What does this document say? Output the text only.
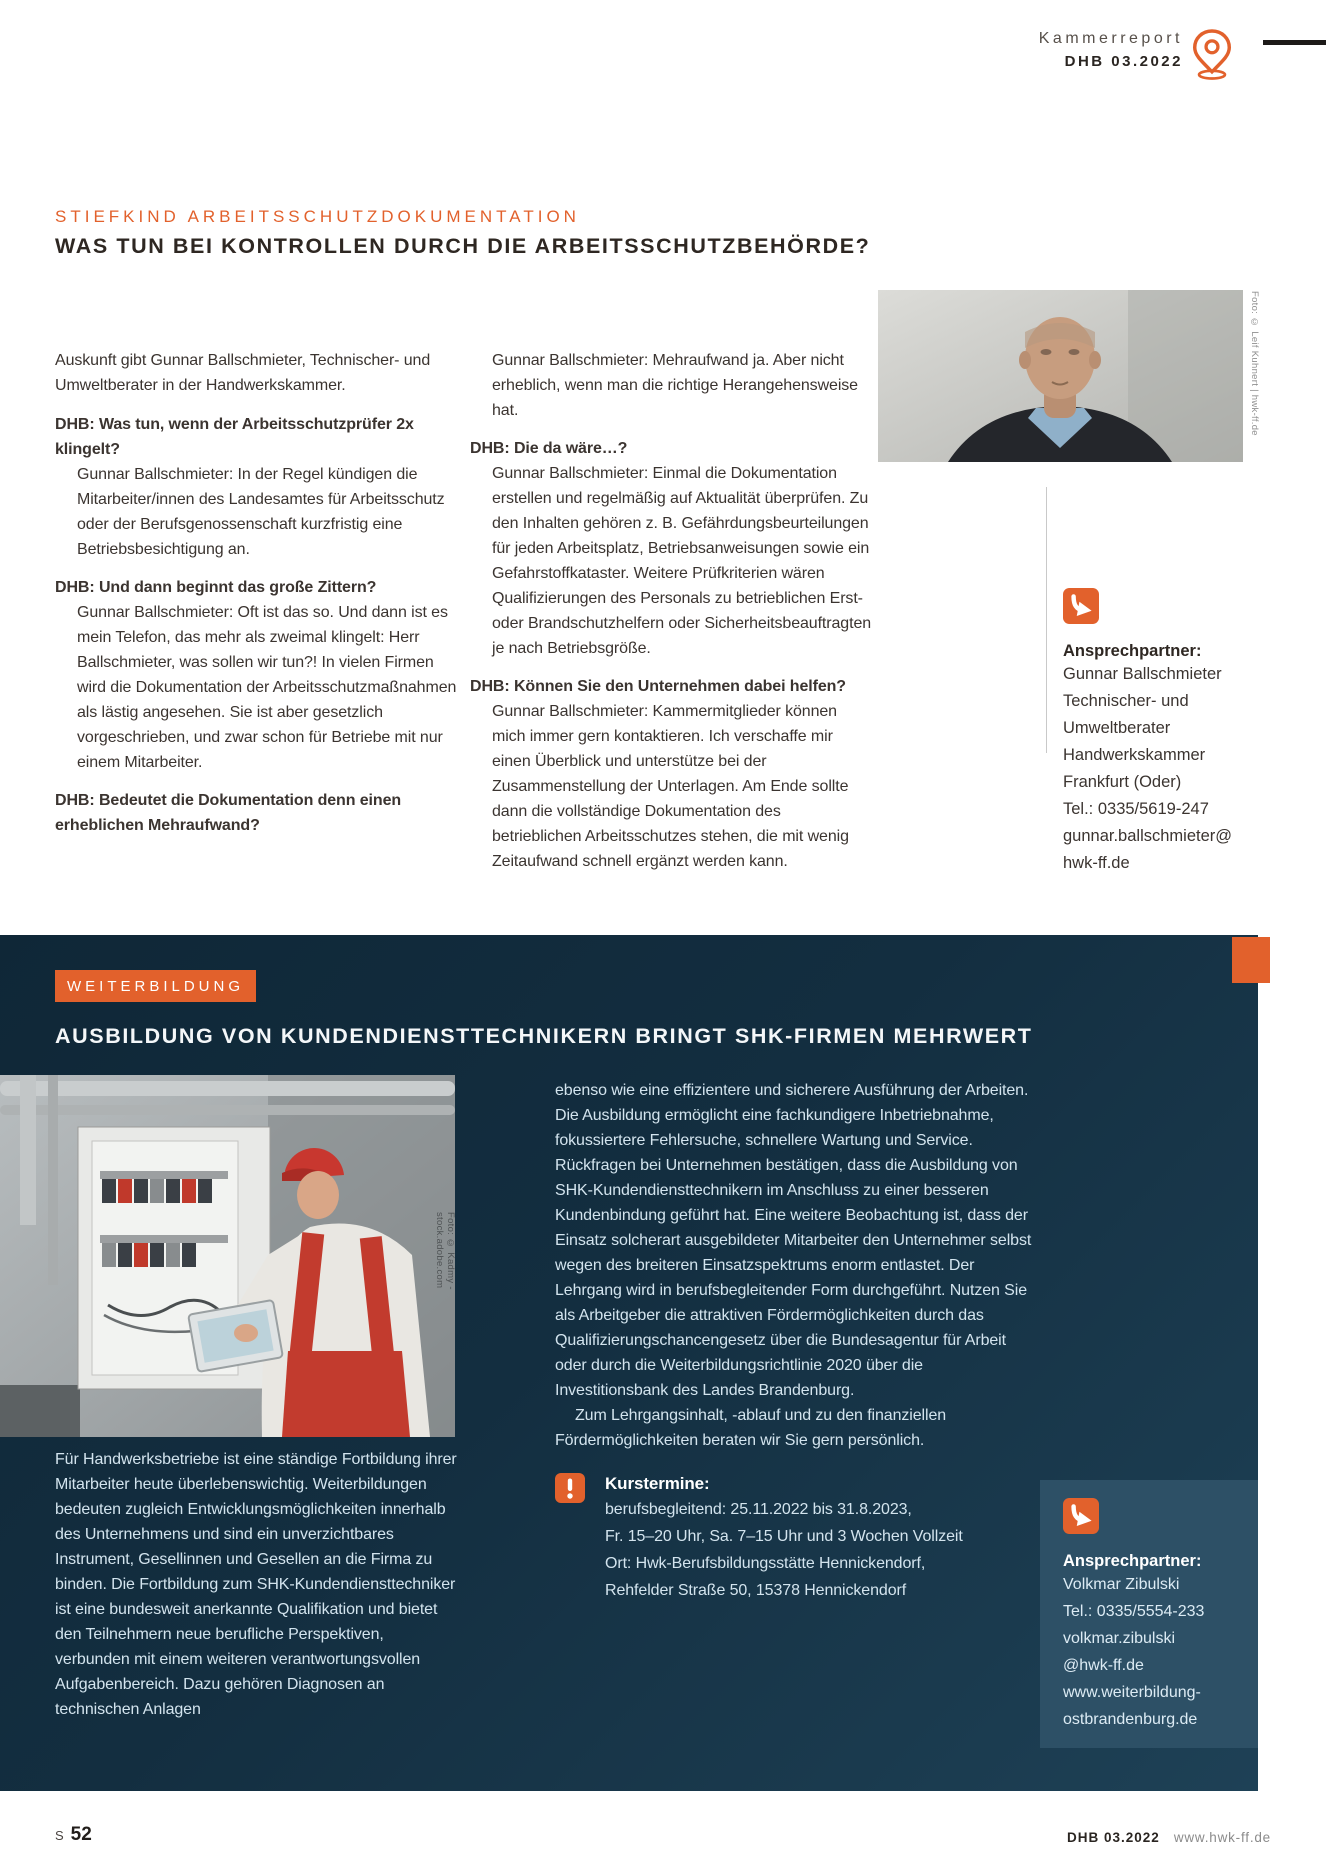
Kammerreport
DHB 03.2022
STIEFKIND ARBEITSSCHUTZDOKUMENTATION
WAS TUN BEI KONTROLLEN DURCH DIE ARBEITSSCHUTZBEHÖRDE?

Auskunft gibt Gunnar Ballschmieter, Technischer- und Umweltberater in der Handwerkskammer.

DHB: Was tun, wenn der Arbeitsschutzprüfer 2x klingelt?

Gunnar Ballschmieter: In der Regel kündigen die Mitarbeiter/innen des Landesamtes für Arbeitsschutz oder der Berufsgenossenschaft kurzfristig eine Betriebsbesichtigung an.

DHB: Und dann beginnt das große Zittern?

Gunnar Ballschmieter: Oft ist das so. Und dann ist es mein Telefon, das mehr als zweimal klingelt: Herr Ballschmieter, was sollen wir tun?! In vielen Firmen wird die Dokumentation der Arbeitsschutzmaßnahmen als lästig angesehen. Sie ist aber gesetzlich vorgeschrieben, und zwar schon für Betriebe mit nur einem Mitarbeiter.

DHB: Bedeutet die Dokumentation denn einen erheblichen Mehraufwand?

Gunnar Ballschmieter: Mehraufwand ja. Aber nicht erheblich, wenn man die richtige Herangehensweise hat.

DHB: Die da wäre…?

Gunnar Ballschmieter: Einmal die Dokumentation erstellen und regelmäßig auf Aktualität überprüfen. Zu den Inhalten gehören z. B. Gefährdungsbeurteilungen für jeden Arbeitsplatz, Betriebsanweisungen sowie ein Gefahrstoffkataster. Weitere Prüfkriterien wären Qualifizierungen des Personals zu betrieblichen Erst- oder Brandschutzhelfern oder Sicherheitsbeauftragten je nach Betriebsgröße.

DHB: Können Sie den Unternehmen dabei helfen?

Gunnar Ballschmieter: Kammermitglieder können mich immer gern kontaktieren. Ich verschaffe mir einen Überblick und unterstütze bei der Zusammenstellung der Unterlagen. Am Ende sollte dann die vollständige Dokumentation des betrieblichen Arbeitsschutzes stehen, die mit wenig Zeitaufwand schnell ergänzt werden kann.

Foto: © Leif Kuhnert | hwk-ff.de
Ansprechpartner:
Gunnar Ballschmieter
Technischer- und
Umweltberater
Handwerkskammer
Frankfurt (Oder)
Tel.: 0335/5619-247
gunnar.ballschmieter@
hwk-ff.de
WEITERBILDUNG
AUSBILDUNG VON KUNDENDIENSTTECHNIKERN BRINGT SHK-FIRMEN MEHRWERT
Foto: © Kadmy - stock.adobe.com
Für Handwerksbetriebe ist eine ständige Fortbildung ihrer Mitarbeiter heute überlebenswichtig. Weiterbildungen bedeuten zugleich Entwicklungsmöglichkeiten innerhalb des Unternehmens und sind ein unverzichtbares Instrument, Gesellinnen und Gesellen an die Firma zu binden. Die Fortbildung zum SHK-Kundendiensttechniker ist eine bundesweit anerkannte Qualifikation und bietet den Teilnehmern neue berufliche Perspektiven, verbunden mit einem weiteren verantwortungsvollen Aufgabenbereich. Dazu gehören Diagnosen an technischen Anlagen

ebenso wie eine effizientere und sicherere Ausführung der Arbeiten. Die Ausbildung ermöglicht eine fachkundigere Inbetriebnahme, fokussiertere Fehlersuche, schnellere Wartung und Service. Rückfragen bei Unternehmen bestätigen, dass die Ausbildung von SHK-Kundendiensttechnikern im Anschluss zu einer besseren Kundenbindung geführt hat. Eine weitere Beobachtung ist, dass der Einsatz solcherart ausgebildeter Mitarbeiter den Unternehmer selbst wegen des breiteren Einsatzspektrums enorm entlastet. Der Lehrgang wird in berufsbegleitender Form durchgeführt. Nutzen Sie als Arbeitgeber die attraktiven Fördermöglichkeiten durch das Qualifizierungschancengesetz über die Bundesagentur für Arbeit oder durch die Weiterbildungsrichtlinie 2020 über die Investitionsbank des Landes Brandenburg.

Zum Lehrgangsinhalt, -ablauf und zu den finanziellen Fördermöglichkeiten beraten wir Sie gern persönlich.

Kurstermine:
berufsbegleitend: 25.11.2022 bis 31.8.2023,
Fr. 15–20 Uhr, Sa. 7–15 Uhr und 3 Wochen Vollzeit
Ort: Hwk-Berufsbildungsstätte Hennickendorf,
Rehfelder Straße 50, 15378 Hennickendorf
Ansprechpartner:
Volkmar Zibulski
Tel.: 0335/5554-233
volkmar.zibulski
@hwk-ff.de
www.weiterbildung-
ostbrandenburg.de
S 52	DHB 03.2022 www.hwk-ff.de
